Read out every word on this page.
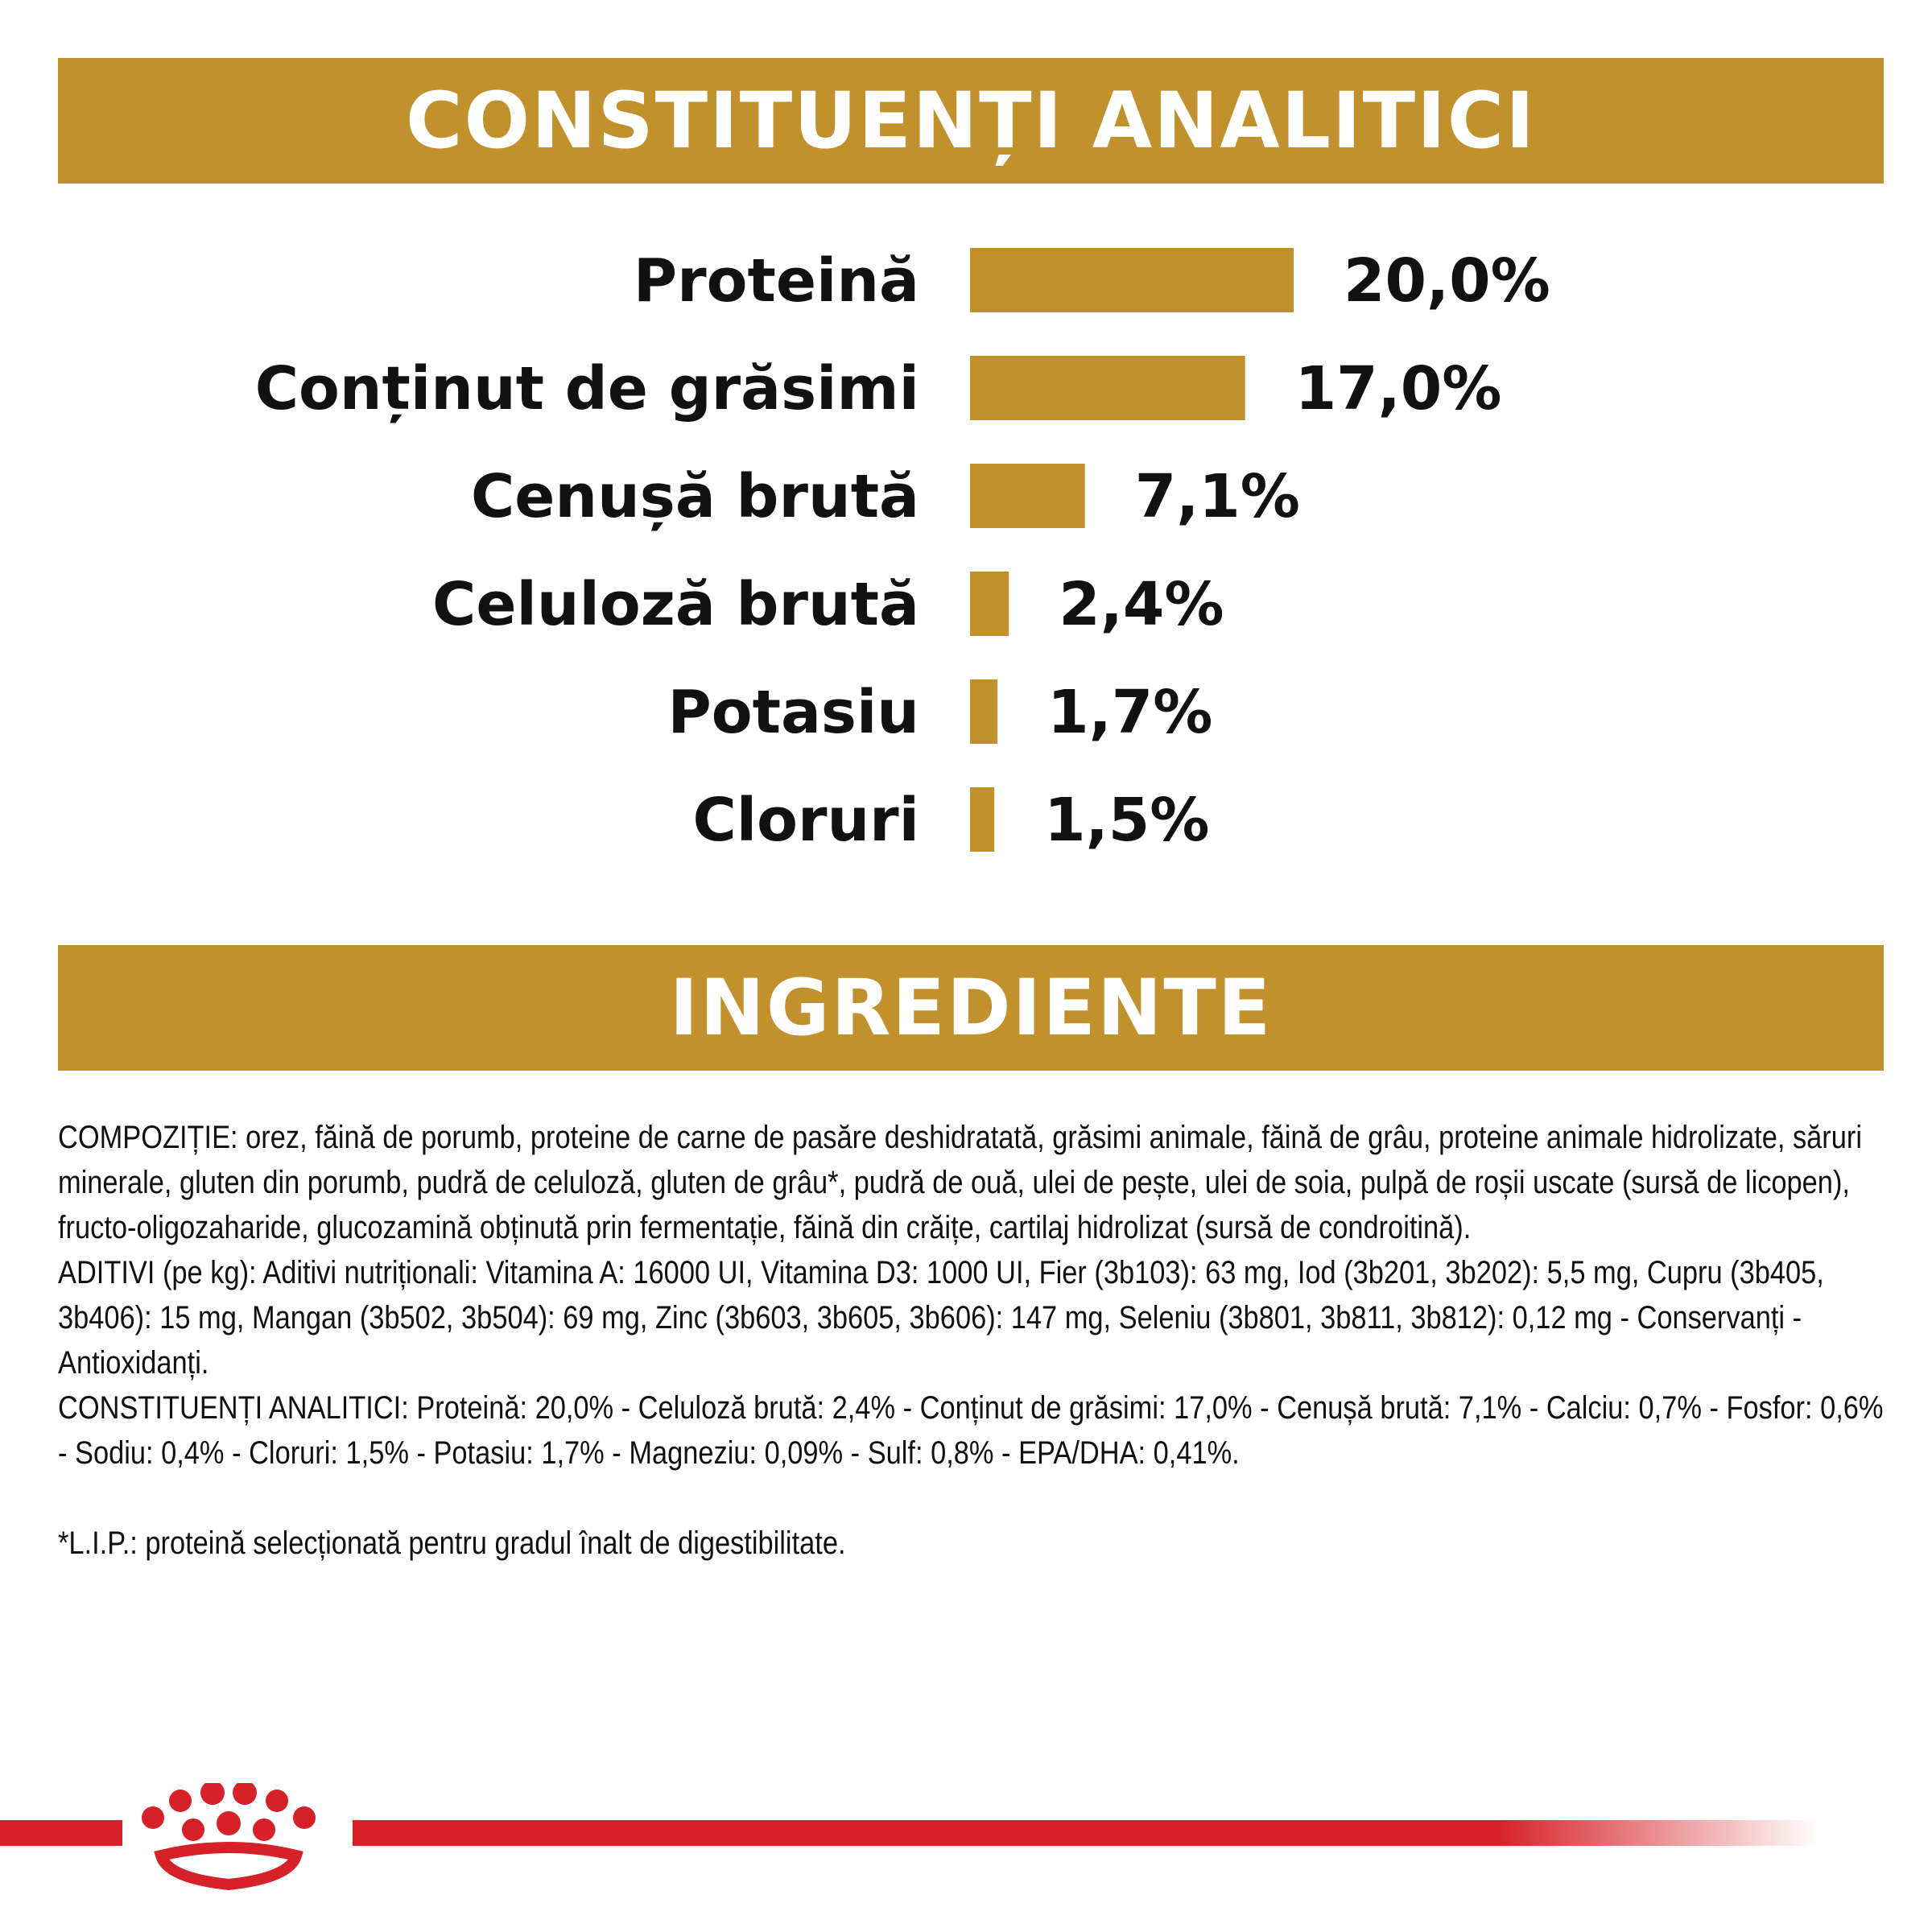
CONSTITUENȚI ANALITICI
Proteină	20,0%
Conținut de grăsimi	17,0%
Cenușă brută	7,1%
Celuloză brută 2,4%
Potasiu 1,7%
Cloruri 1,5%
INGREDIENTE

COMPOZIȚIE: orez, făină de porumb, proteine de carne de pasăre deshidratată, grăsimi animale, făină de grâu, proteine animale hidrolizate, săruri minerale, gluten din porumb, pudră de celuloză, gluten de grâu*, pudră de ouă, ulei de pește, ulei de soia, pulpă de roșii uscate (sursă de licopen), fructo-oligozaharide, glucozamină obținută prin fermentație, făină din crăițe, cartilaj hidrolizat (sursă de condroitină).

ADITIVI (pe kg): Aditivi nutriționali: Vitamina A: 16000 UI, Vitamina D3: 1000 UI, Fier (3b103): 63 mg, Iod (3b201, 3b202): 5,5 mg, Cupru (3b405, 3b406): 15 mg, Mangan (3b502, 3b504): 69 mg, Zinc (3b603, 3b605, 3b606): 147 mg, Seleniu (3b801, 3b811, 3b812): 0,12 mg - Conservanți - Antioxidanți.

CONSTITUENȚI ANALITICI: Proteină: 20,0% - Celuloză brută: 2,4% - Conținut de grăsimi: 17,0% - Cenușă brută: 7,1% - Calciu: 0,7% - Fosfor: 0,6% - Sodiu: 0,4% - Cloruri: 1,5% - Potasiu: 1,7% - Magneziu: 0,09% - Sulf: 0,8% - EPA/DHA: 0,41%.

*L.I.P.: proteină selecționată pentru gradul înalt de digestibilitate.
